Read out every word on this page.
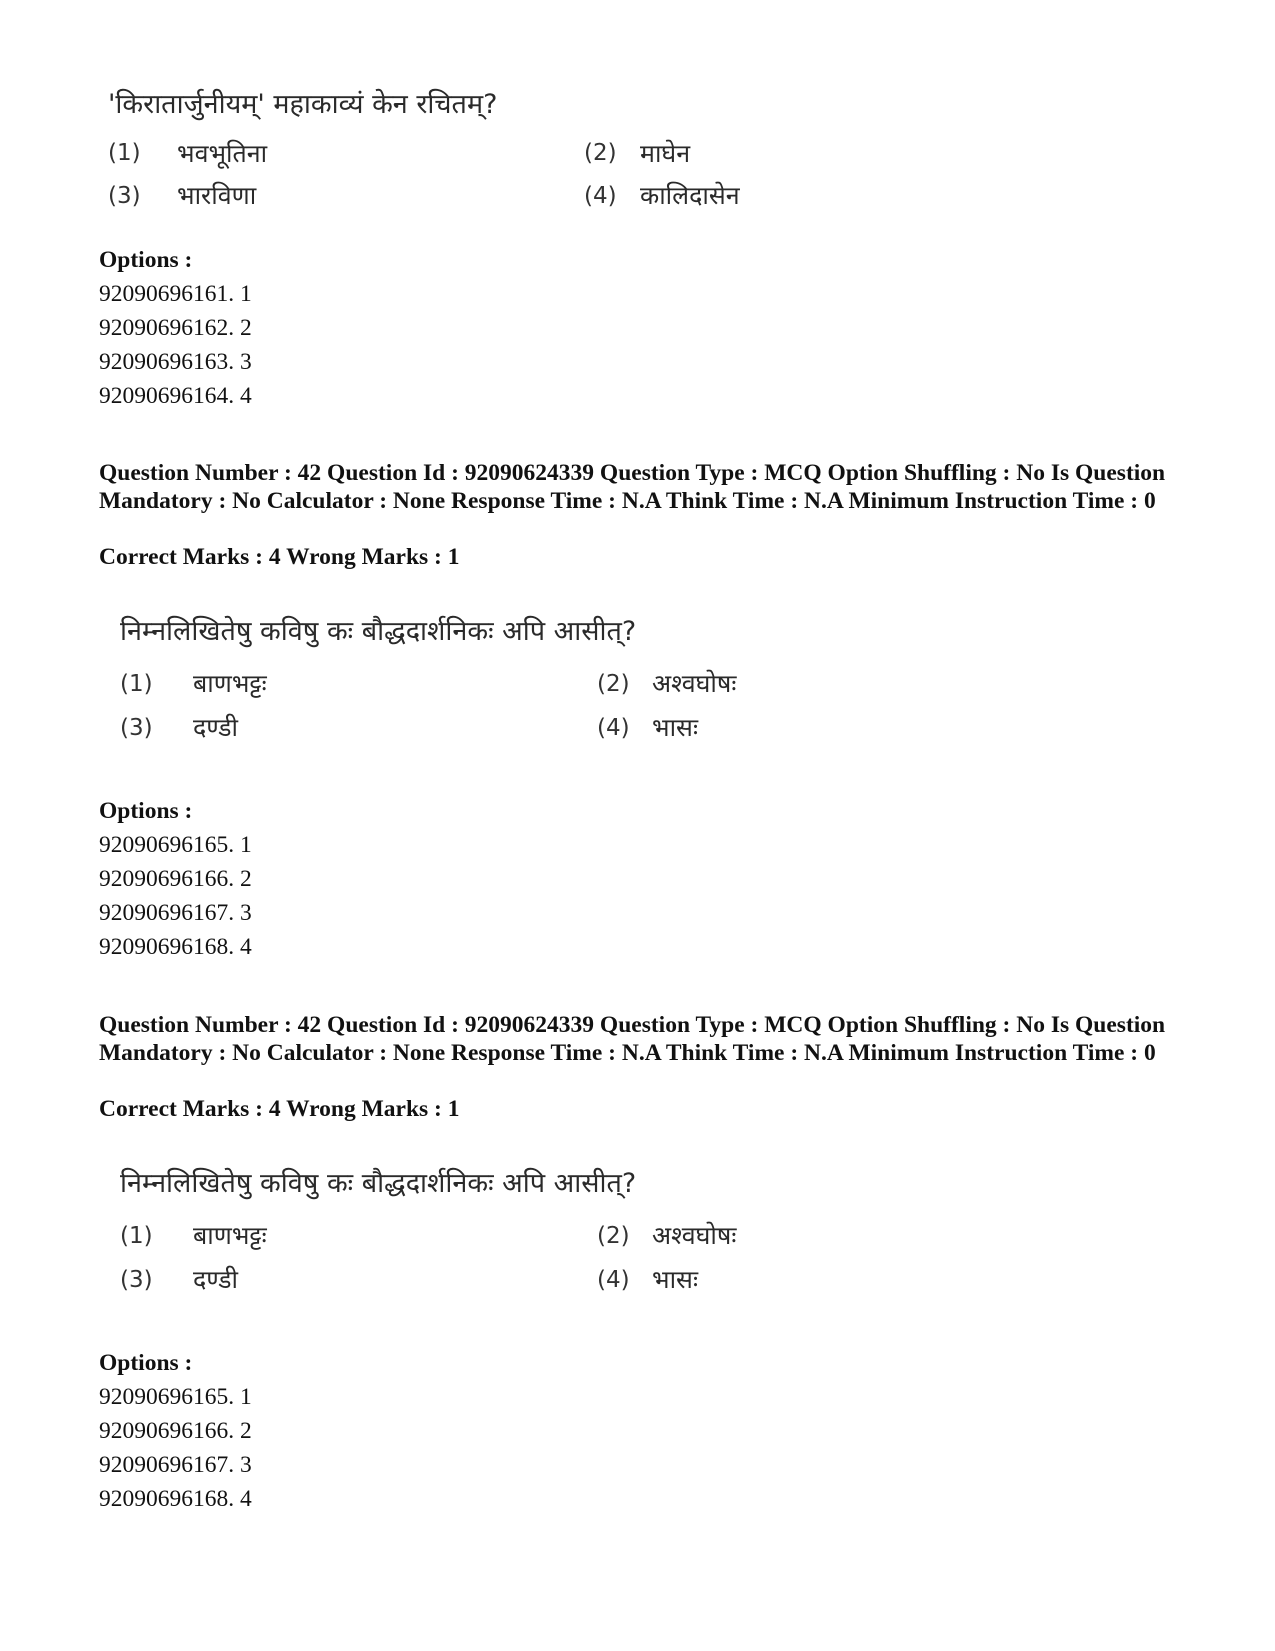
'किरातार्जुनीयम्' महाकाव्यं केन रचितम्?
(1) भवभूतिना	(2) माघेन
(3) भारविणा	(4) कालिदासेन
Options :
92090696161. 1
92090696162. 2
92090696163. 3
92090696164. 4
Question Number : 42 Question Id : 92090624339 Question Type : MCQ Option Shuffling : No Is Question Mandatory : No Calculator : None Response Time : N.A Think Time : N.A Minimum Instruction Time : 0
Correct Marks : 4 Wrong Marks : 1
निम्नलिखितेषु कविषु कः बौद्धदार्शनिकः अपि आसीत्?
(1) बाणभट्टः	(2) अश्वघोषः
(3) दण्डी	(4) भासः
Options :
92090696165. 1
92090696166. 2
92090696167. 3
92090696168. 4
Question Number : 42 Question Id : 92090624339 Question Type : MCQ Option Shuffling : No Is Question Mandatory : No Calculator : None Response Time : N.A Think Time : N.A Minimum Instruction Time : 0
Correct Marks : 4 Wrong Marks : 1
निम्नलिखितेषु कविषु कः बौद्धदार्शनिकः अपि आसीत्?
(1) बाणभट्टः	(2) अश्वघोषः
(3) दण्डी	(4) भासः
Options :
92090696165. 1
92090696166. 2
92090696167. 3
92090696168. 4
